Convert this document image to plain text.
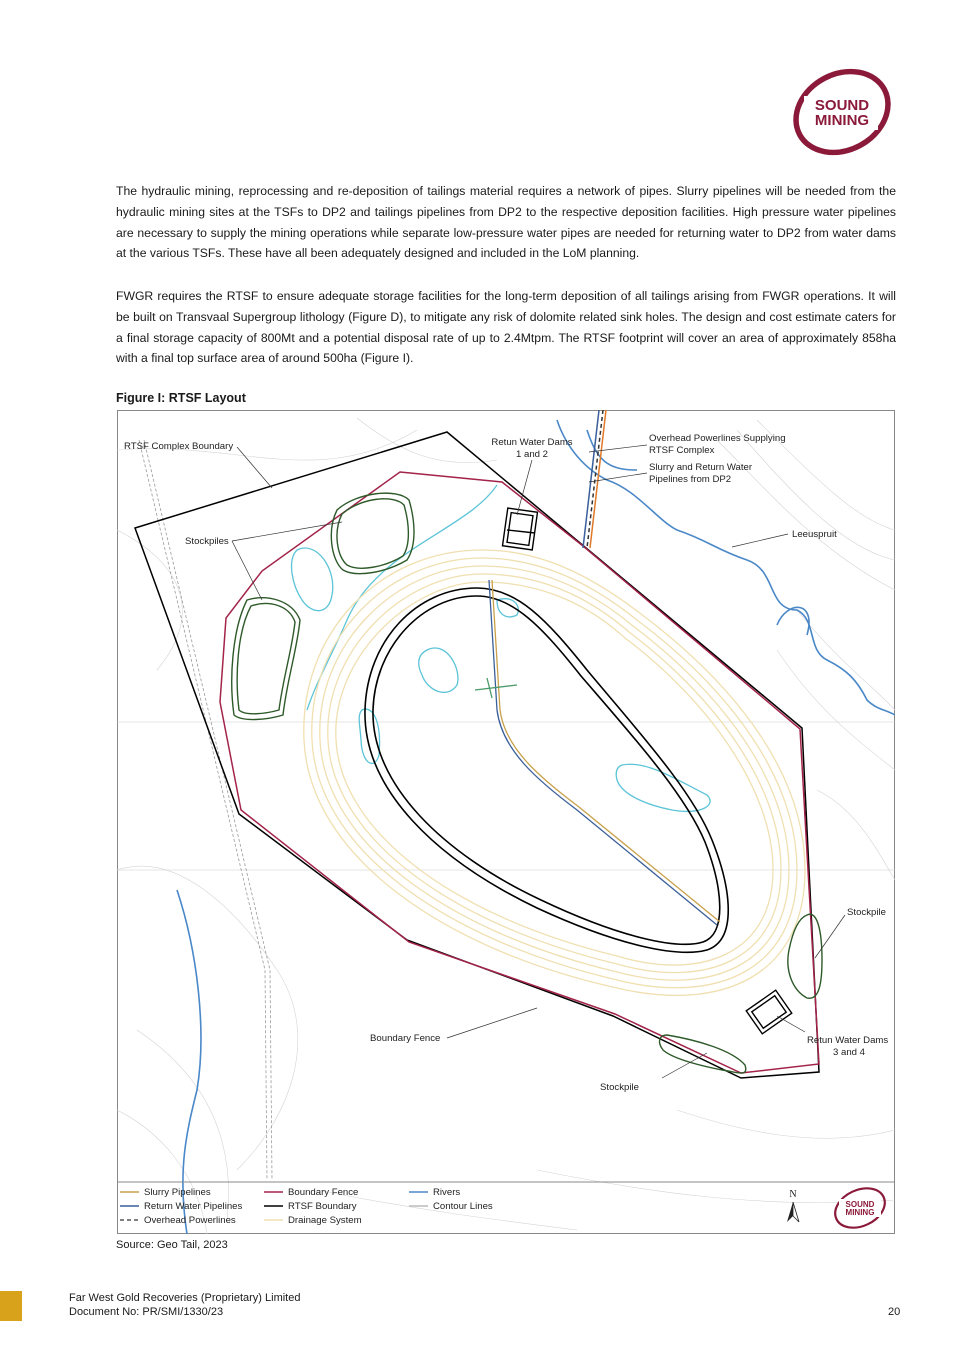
SOUND
MINING

The hydraulic mining, reprocessing and re-deposition of tailings material requires a network of pipes. Slurry pipelines will be needed from the hydraulic mining sites at the TSFs to DP2 and tailings pipelines from DP2 to the respective deposition facilities. High pressure water pipelines are necessary to supply the mining operations while separate low-pressure water pipes are needed for returning water to DP2 from water dams at the various TSFs. These have all been adequately designed and included in the LoM planning.

FWGR requires the RTSF to ensure adequate storage facilities for the long-term deposition of all tailings arising from FWGR operations. It will be built on Transvaal Supergroup lithology (Figure D), to mitigate any risk of dolomite related sink holes. The design and cost estimate caters for a final storage capacity of 800Mt and a potential disposal rate of up to 2.4Mtpm. The RTSF footprint will cover an area of approximately 858ha with a final top surface area of around 500ha (Figure I).

Figure I: RTSF Layout
RTSF Complex Boundary	Retun Water Dams
1 and 2
Overhead Powerlines Supplying
RTSF Complex
Slurry and Return Water
Pipelines from DP2
Leeuspruit
Stockpiles
Stockpile
Boundary Fence	Retun Water Dams
3 and 4
Stockpile
Slurry Pipelines
Return Water Pipelines
Overhead Powerlines
Boundary Fence
RTSF Boundary
Drainage System
Rivers
Contour Lines
N
SOUND
MINING
Source: Geo Tail, 2023
Far West Gold Recoveries (Proprietary) Limited
Document No: PR/SMI/1330/23	20
